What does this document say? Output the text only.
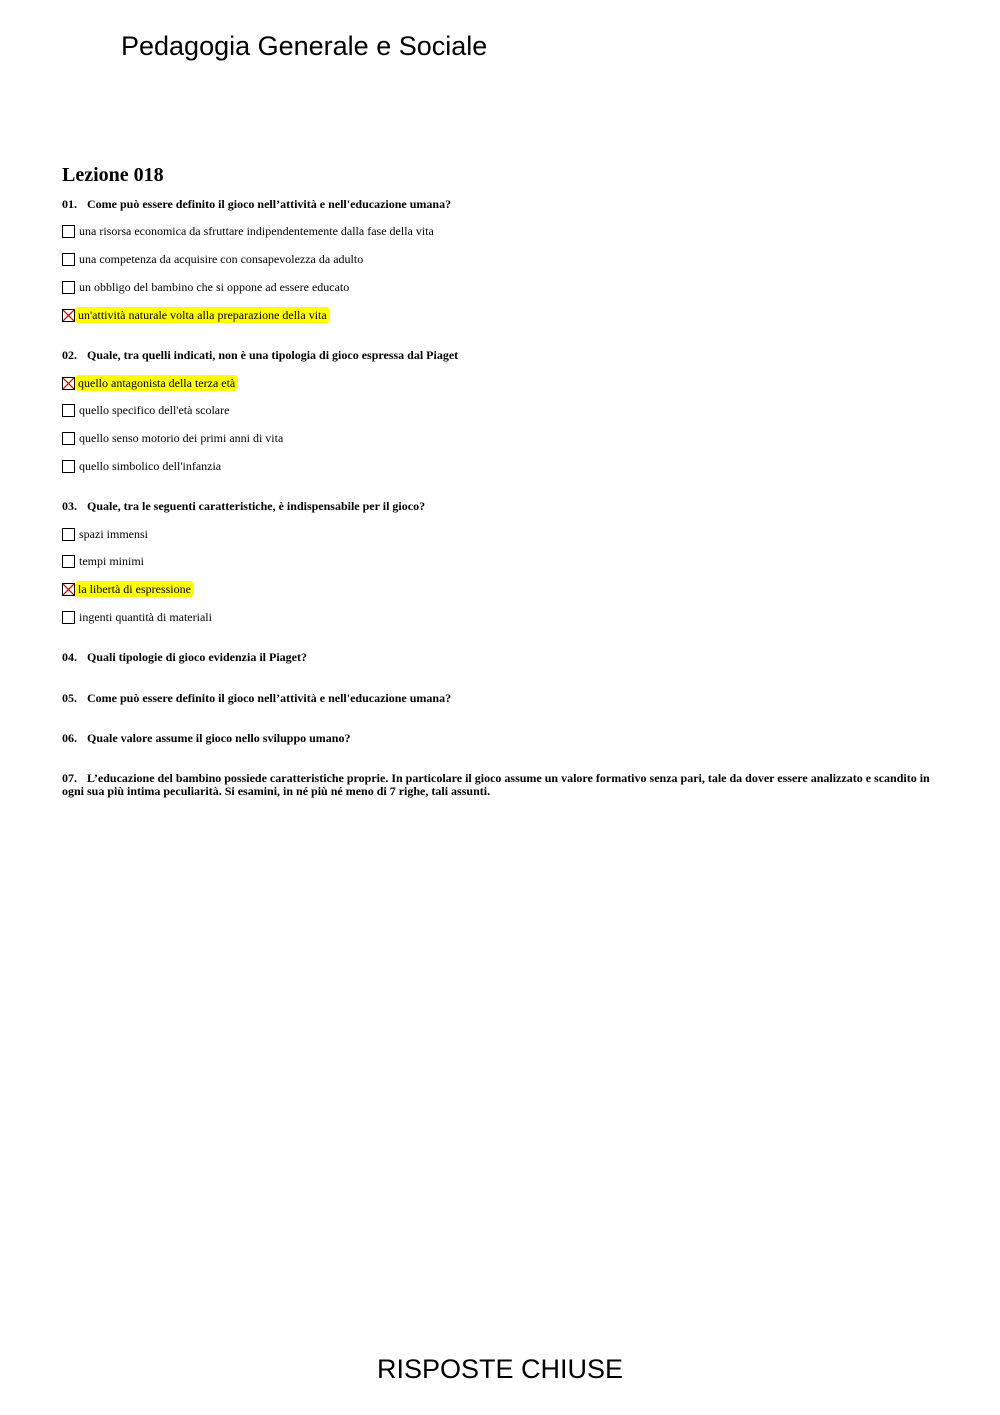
Pedagogia Generale e Sociale
Lezione 018
01. Come può essere definito il gioco nell’attività e nell'educazione umana?
una risorsa economica da sfruttare indipendentemente dalla fase della vita
una competenza da acquisire con consapevolezza da adulto
un obbligo del bambino che si oppone ad essere educato
un'attività naturale volta alla preparazione della vita
02. Quale, tra quelli indicati, non è una tipologia di gioco espressa dal Piaget
quello antagonista della terza età
quello specifico dell'età scolare
quello senso motorio dei primi anni di vita
quello simbolico dell'infanzia
03. Quale, tra le seguenti caratteristiche, è indispensabile per il gioco?
spazi immensi
tempi minimi
la libertà di espressione
ingenti quantità di materiali
04. Quali tipologie di gioco evidenzia il Piaget?
05. Come può essere definito il gioco nell’attività e nell'educazione umana?
06. Quale valore assume il gioco nello sviluppo umano?
07. L’educazione del bambino possiede caratteristiche proprie. In particolare il gioco assume un valore formativo senza pari, tale da dover essere analizzato e scandito in ogni sua più intima peculiarità. Si esamini, in né più né meno di 7 righe, tali assunti.
RISPOSTE CHIUSE
